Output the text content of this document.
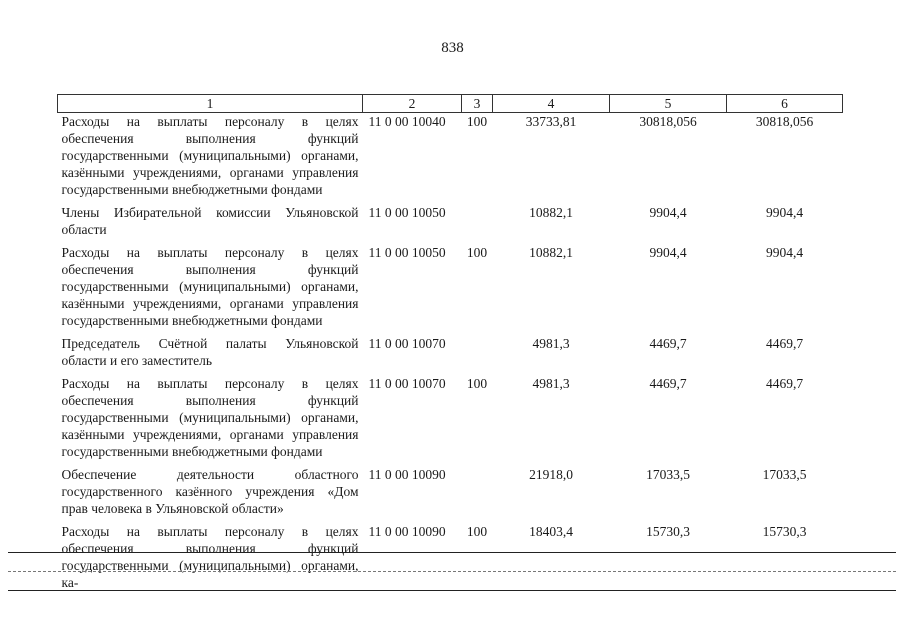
838
1	2	3	4	5	6
Расходы на выплаты персоналу в целях обеспечения выполнения функций государственными (муниципальными) органами, казёнными учреждениями, органами управления государственными внебюджетными фондами	11 0 00 10040	100	33733,81	30818,056	30818,056
Члены Избирательной комиссии Ульяновской области	11 0 00 10050		10882,1	9904,4	9904,4
Расходы на выплаты персоналу в целях обеспечения выполнения функций государственными (муниципальными) органами, казёнными учреждениями, органами управления государственными внебюджетными фондами	11 0 00 10050	100	10882,1	9904,4	9904,4
Председатель Счётной палаты Ульяновской области и его заместитель	11 0 00 10070		4981,3	4469,7	4469,7
Расходы на выплаты персоналу в целях обеспечения выполнения функций государственными (муниципальными) органами, казёнными учреждениями, органами управления государственными внебюджетными фондами	11 0 00 10070	100	4981,3	4469,7	4469,7
Обеспечение деятельности областного государственного казённого учреждения «Дом прав человека в Ульяновской области»	11 0 00 10090		21918,0	17033,5	17033,5
Расходы на выплаты персоналу в целях обеспечения выполнения функций государственными (муниципальными) органами, ка-	11 0 00 10090	100	18403,4	15730,3	15730,3
